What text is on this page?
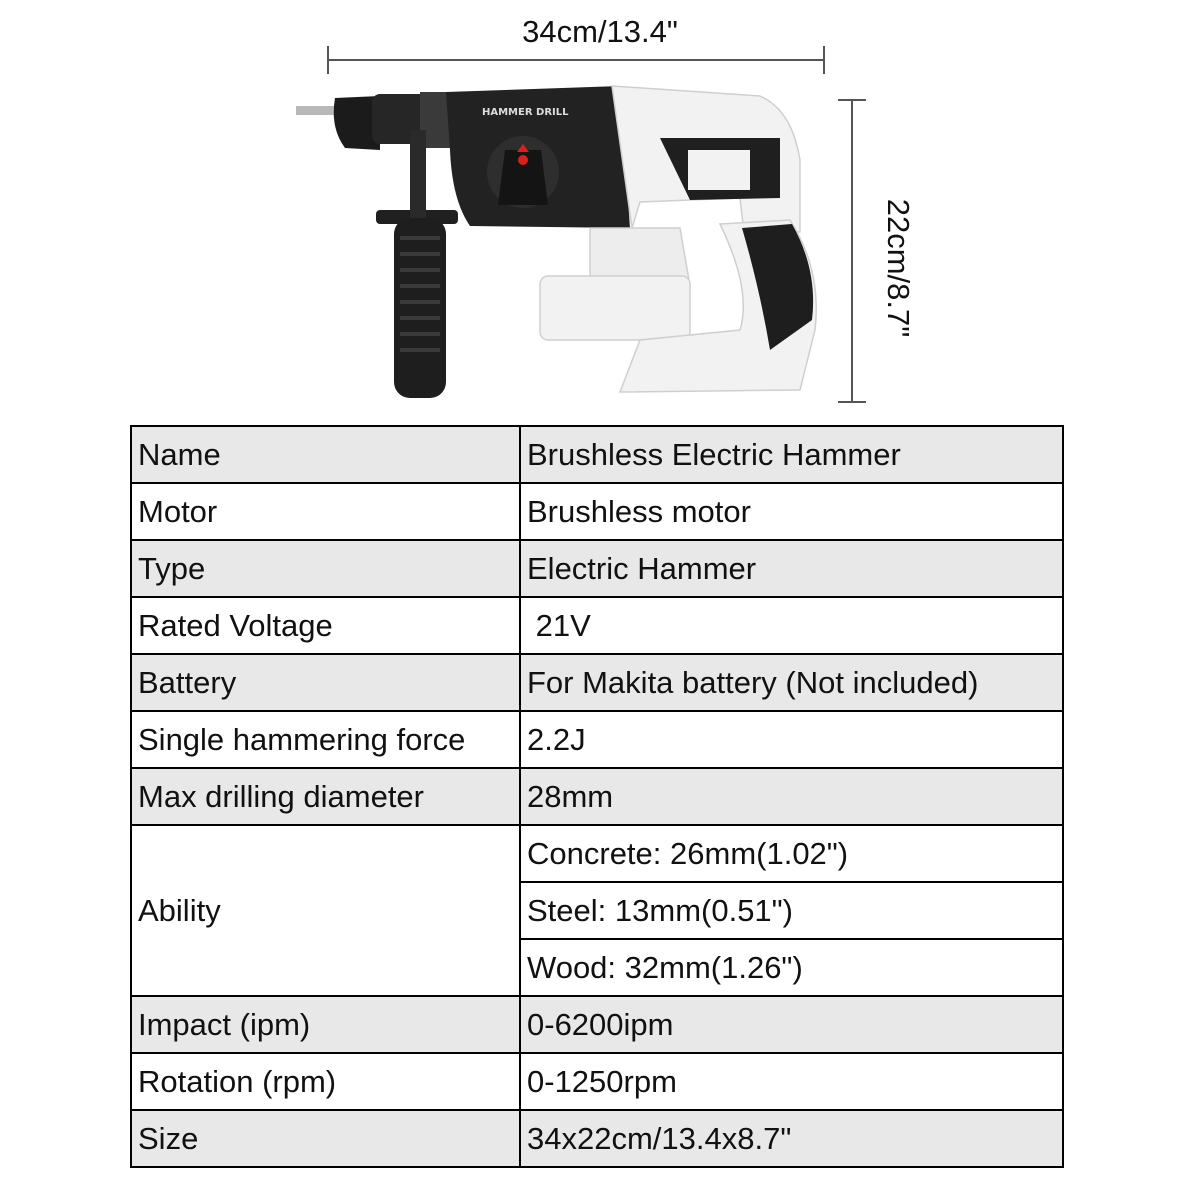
34cm/13.4"
22cm/8.7"
HAMMER DRILL
Name	Brushless Electric Hammer
Motor	Brushless motor
Type	Electric Hammer
Rated Voltage	21V
Battery	For Makita battery (Not included)
Single hammering force	2.2J
Max drilling diameter	28mm
Ability	Concrete: 26mm(1.02")
	Steel: 13mm(0.51")
	Wood: 32mm(1.26")
Impact (ipm)	0-6200ipm
Rotation (rpm)	0-1250rpm
Size	34x22cm/13.4x8.7"
